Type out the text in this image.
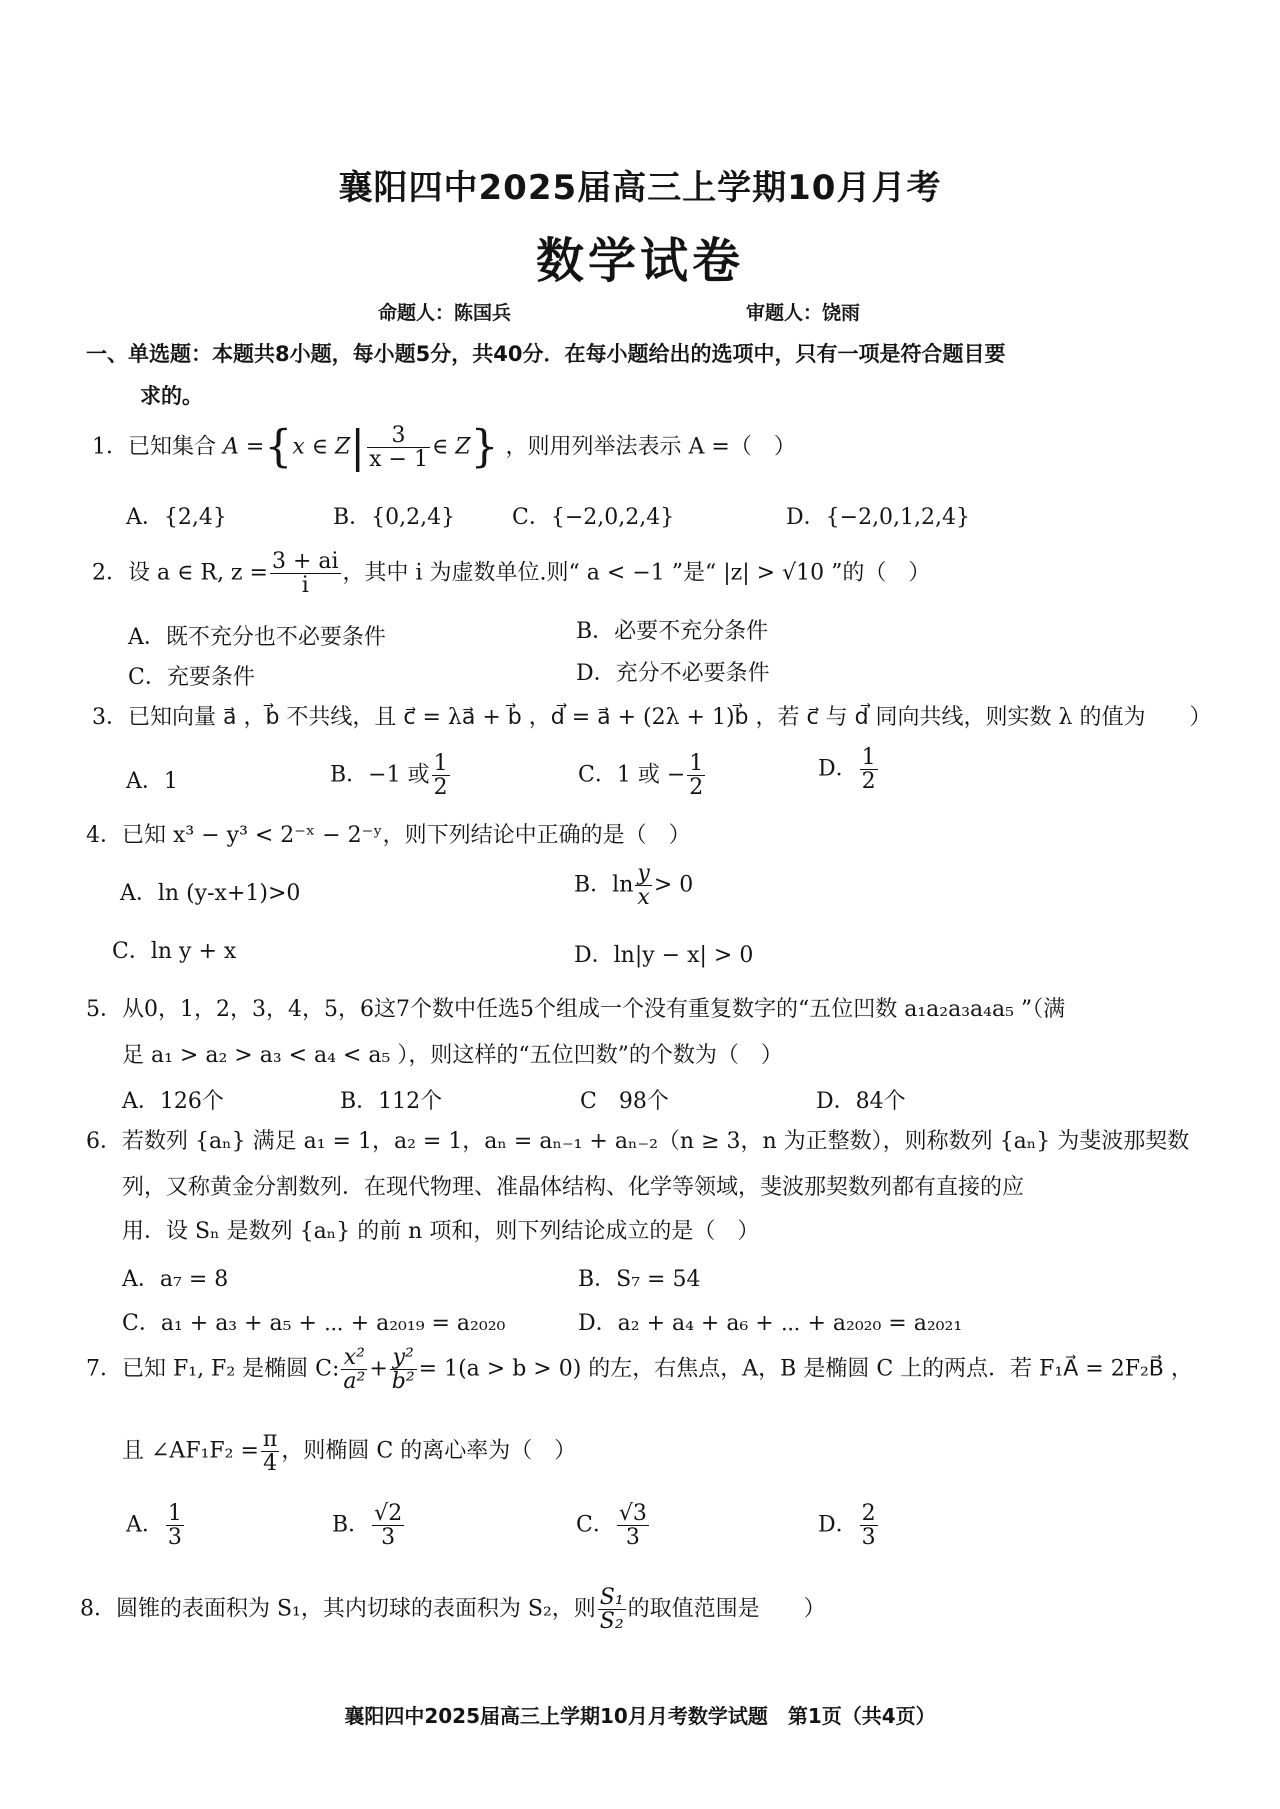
襄阳四中2025届高三上学期10月月考
数学试卷
命题人：陈国兵	审题人：饶雨
一、单选题：本题共8小题，每小题5分，共40分．在每小题给出的选项中，只有一项是符合题目要
求的。
1．已知集合 A ={x ∈ $Z| \frac{3}{x - 1}$ ∈ Z} ，则用列举法表示 A =（　）
A．{2,4}	B．{0,2,4}	C．{−2,0,2,4}	D．{−2,0,1,2,4}
2．设 a ∈ R, $z = \frac{3 + ai}{i}$ ，其中 i 为虚数单位.则“ a < −1 ”是“ |z| > √10 ”的（　）
A．既不充分也不必要条件	B．必要不充分条件
C．充要条件	D．充分不必要条件
3．已知向量 a⃗ ，b⃗ 不共线，且 c⃗ = λa⃗ + b⃗ ，d⃗ = a⃗ + (2λ + 1)b⃗ ，若 c⃗ 与 d⃗ 同向共线，则实数 λ 的值为　　）
A．1	B．−1 或 $\frac{1}{2}$	C．1 或 − $\frac{1}{2}$	D． $\frac{1}{2}$
4．已知 x³ − y³ < 2⁻ˣ − 2⁻ʸ，则下列结论中正确的是（　）
A．ln (y-x+1)>0	B．$\ln \frac{y}{x} > 0$
C．ln y + x	D．ln|y − x| > 0
5．从0，1，2，3，4，5，6这7个数中任选5个组成一个没有重复数字的“五位凹数 a₁a₂a₃a₄a₅ ”（满
足 a₁ > a₂ > a₃ < a₄ < a₅ ），则这样的“五位凹数”的个数为（　）
A．126个	B．112个	C　98个	D．84个
6．若数列 {aₙ} 满足 a₁ = 1，a₂ = 1，aₙ = aₙ₋₁ + aₙ₋₂（n ≥ 3，n 为正整数），则称数列 {aₙ} 为斐波那契数
列，又称黄金分割数列．在现代物理、准晶体结构、化学等领域，斐波那契数列都有直接的应
用．设 Sₙ 是数列 {aₙ} 的前 n 项和，则下列结论成立的是（　）
A．a₇ = 8	B．S₇ = 54
C．a₁ + a₃ + a₅ + ⋯ + a₂₀₁₉ = a₂₀₂₀	D．a₂ + a₄ + a₆ + ⋯ + a₂₀₂₀ = a₂₀₂₁
7．已知 F₁, F₂ 是椭圆 C: $\frac{\text{x²}}{\text{a²}} + \frac{\text{y²}}{\text{b²}} = 1(a > b > 0)$ 的左，右焦点，A，B 是椭圆 C 上的两点．若 F₁A⃗ = 2F₂B⃗ ，
且 ∠AF₁F₂ = $\frac{\pi}{4}$ ，则椭圆 C 的离心率为（　）
A． $\frac{1}{3}$	B． $\frac{√2}{3}$	C． $\frac{√3}{3}$	D． $\frac{2}{3}$
8．圆锥的表面积为 S₁，其内切球的表面积为 S₂，则 $\frac{\text{S₁}}{\text{S₂}}$ 的取值范围是　　）
襄阳四中2025届高三上学期10月月考数学试题　第1页（共4页）
